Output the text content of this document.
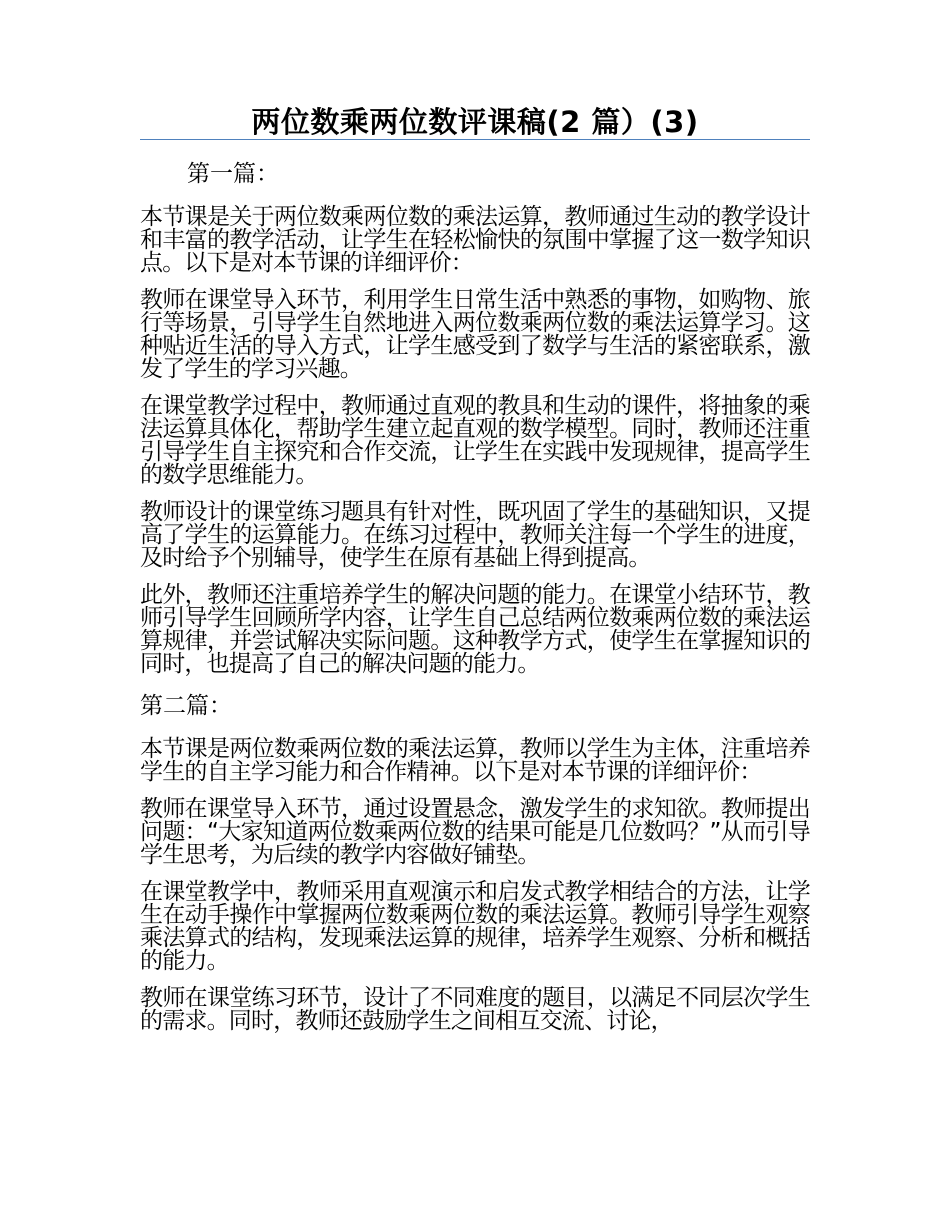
两位数乘两位数评课稿(2 篇）(3)

第一篇：

本节课是关于两位数乘两位数的乘法运算，教师通过生动的教学设计和丰富的教学活动，让学生在轻松愉快的氛围中掌握了这一数学知识点。以下是对本节课的详细评价：

教师在课堂导入环节，利用学生日常生活中熟悉的事物，如购物、旅行等场景，引导学生自然地进入两位数乘两位数的乘法运算学习。这种贴近生活的导入方式，让学生感受到了数学与生活的紧密联系，激发了学生的学习兴趣。

在课堂教学过程中，教师通过直观的教具和生动的课件，将抽象的乘法运算具体化，帮助学生建立起直观的数学模型。同时，教师还注重引导学生自主探究和合作交流，让学生在实践中发现规律，提高学生的数学思维能力。

教师设计的课堂练习题具有针对性，既巩固了学生的基础知识，又提高了学生的运算能力。在练习过程中，教师关注每一个学生的进度，及时给予个别辅导，使学生在原有基础上得到提高。

此外，教师还注重培养学生的解决问题的能力。在课堂小结环节，教师引导学生回顾所学内容，让学生自己总结两位数乘两位数的乘法运算规律，并尝试解决实际问题。这种教学方式，使学生在掌握知识的同时，也提高了自己的解决问题的能力。

第二篇：

本节课是两位数乘两位数的乘法运算，教师以学生为主体，注重培养学生的自主学习能力和合作精神。以下是对本节课的详细评价：

教师在课堂导入环节，通过设置悬念，激发学生的求知欲。教师提出问题：“大家知道两位数乘两位数的结果可能是几位数吗？”从而引导学生思考，为后续的教学内容做好铺垫。

在课堂教学中，教师采用直观演示和启发式教学相结合的方法，让学生在动手操作中掌握两位数乘两位数的乘法运算。教师引导学生观察乘法算式的结构，发现乘法运算的规律，培养学生观察、分析和概括的能力。

教师在课堂练习环节，设计了不同难度的题目，以满足不同层次学生的需求。同时，教师还鼓励学生之间相互交流、讨论，
